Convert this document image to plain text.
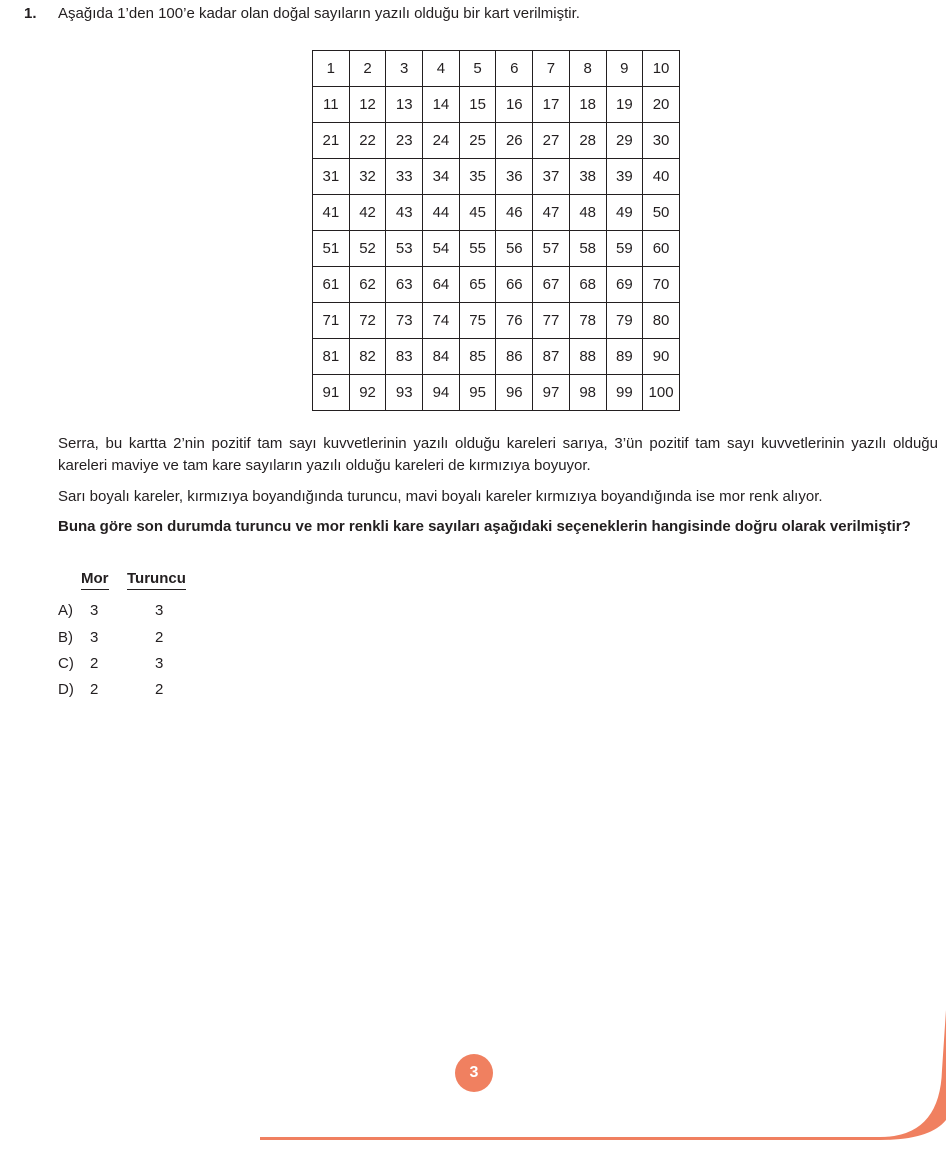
1.	Aşağıda 1’den 100’e kadar olan doğal sayıların yazılı olduğu bir kart verilmiştir.
1	2	3	4	5	6	7	8	9	10
11	12	13	14	15	16	17	18	19	20
21	22	23	24	25	26	27	28	29	30
31	32	33	34	35	36	37	38	39	40
41	42	43	44	45	46	47	48	49	50
51	52	53	54	55	56	57	58	59	60
61	62	63	64	65	66	67	68	69	70
71	72	73	74	75	76	77	78	79	80
81	82	83	84	85	86	87	88	89	90
91	92	93	94	95	96	97	98	99	100

Serra, bu kartta 2’nin pozitif tam sayı kuvvetlerinin yazılı olduğu kareleri sarıya, 3’ün pozitif tam sayı kuvvetlerinin yazılı olduğu kareleri maviye ve tam kare sayıların yazılı olduğu kareleri de kırmızıya boyuyor.

Sarı boyalı kareler, kırmızıya boyandığında turuncu, mavi boyalı kareler kırmızıya boyandığında ise mor renk alıyor.

Buna göre son durumda turuncu ve mor renkli kare sayıları aşağıdaki seçeneklerin hangisinde doğru olarak verilmiştir?

Mor Turuncu
A) 3	3
B) 3	2
C) 2	3
D) 2	2
3
